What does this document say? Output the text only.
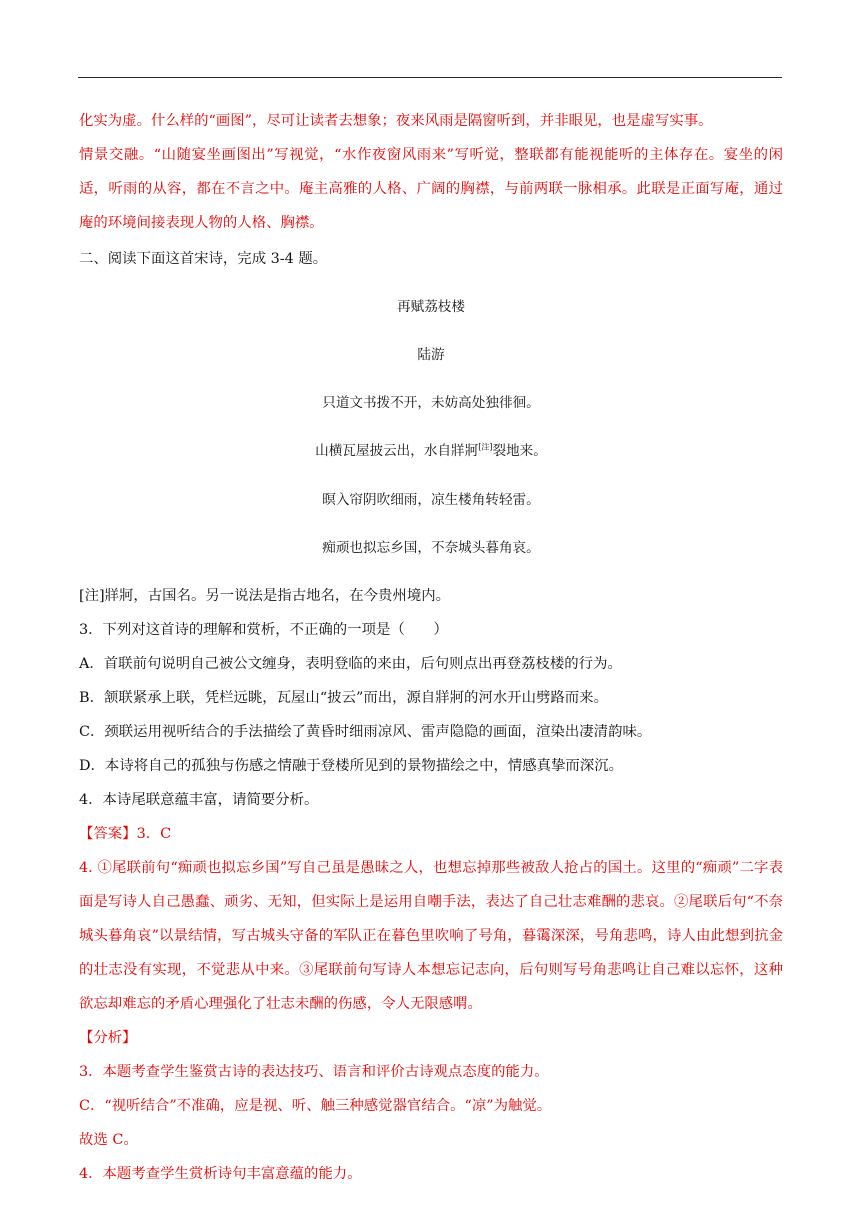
化实为虚。什么样的“画图”，尽可让读者去想象；夜来风雨是隔窗听到，并非眼见，也是虚写实事。

情景交融。“山随宴坐画图出”写视觉，“水作夜窗风雨来”写听觉，整联都有能视能听的主体存在。宴坐的闲适，听雨的从容，都在不言之中。庵主高雅的人格、广阔的胸襟，与前两联一脉相承。此联是正面写庵，通过庵的环境间接表现人物的人格、胸襟。

二、阅读下面这首宋诗，完成 3-4 题。

再赋荔枝楼

陆游

只道文书拨不开，未妨高处独徘徊。

山横瓦屋披云出，水自牂牁[注]裂地来。

暝入帘阴吹细雨，凉生楼角转轻雷。

痴顽也拟忘乡国，不奈城头暮角哀。

[注]牂牁，古国名。另一说法是指古地名，在今贵州境内。

3．下列对这首诗的理解和赏析，不正确的一项是（　　）

A．首联前句说明自己被公文缠身，表明登临的来由，后句则点出再登荔枝楼的行为。

B．颔联紧承上联，凭栏远眺，瓦屋山“披云”而出，源自牂牁的河水开山劈路而来。

C．颈联运用视听结合的手法描绘了黄昏时细雨凉风、雷声隐隐的画面，渲染出凄清韵味。

D．本诗将自己的孤独与伤感之情融于登楼所见到的景物描绘之中，情感真挚而深沉。

4．本诗尾联意蕴丰富，请简要分析。

【答案】3．C

4. ①尾联前句“痴顽也拟忘乡国”写自己虽是愚昧之人，也想忘掉那些被敌人抢占的国土。这里的“痴顽”二字表面是写诗人自己愚蠢、顽劣、无知，但实际上是运用自嘲手法，表达了自己壮志难酬的悲哀。②尾联后句“不奈城头暮角哀”以景结情，写古城头守备的军队正在暮色里吹响了号角，暮霭深深，号角悲鸣，诗人由此想到抗金的壮志没有实现，不觉悲从中来。③尾联前句写诗人本想忘记志向，后句则写号角悲鸣让自己难以忘怀，这种欲忘却难忘的矛盾心理强化了壮志未酬的伤感，令人无限感喟。

【分析】

3．本题考查学生鉴赏古诗的表达技巧、语言和评价古诗观点态度的能力。

C．“视听结合”不准确，应是视、听、触三种感觉器官结合。“凉”为触觉。

故选 C。

4．本题考查学生赏析诗句丰富意蕴的能力。
